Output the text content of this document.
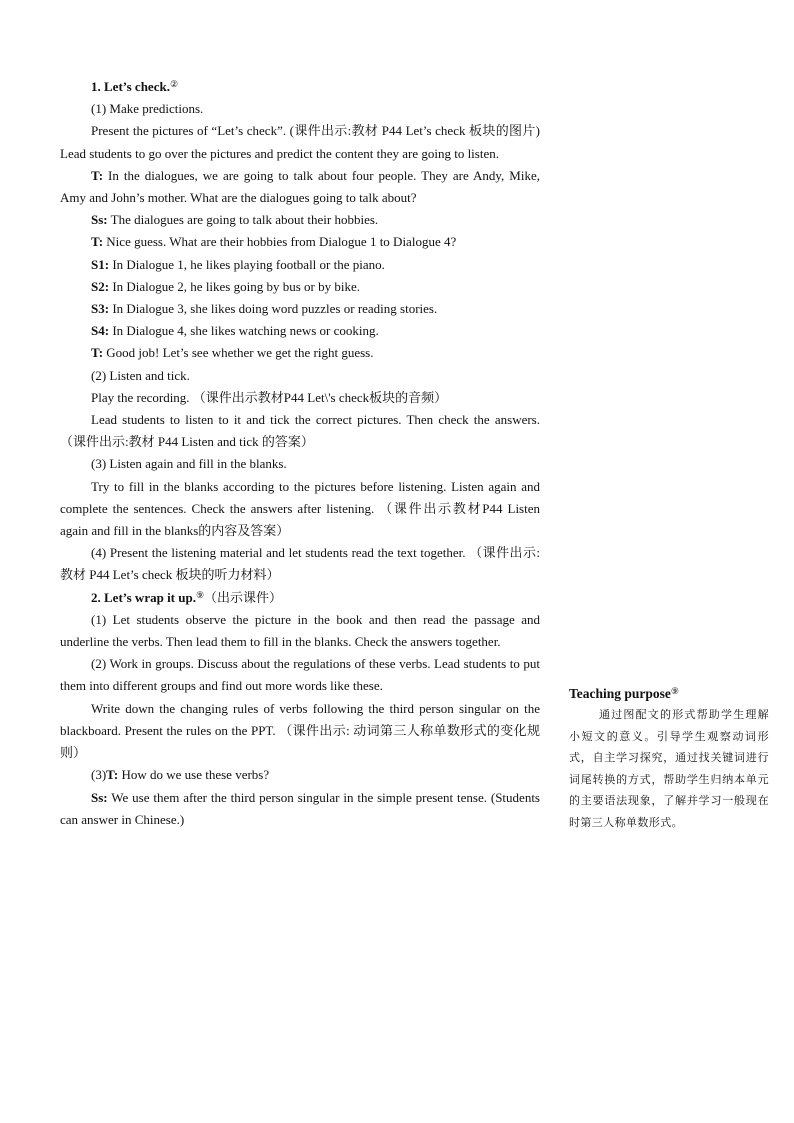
1. Let’s check.②

(1) Make predictions.

Present the pictures of “Let’s check”. (课件出示:教材 P44 Let’s check 板块的图片) Lead students to go over the pictures and predict the content they are going to listen.

T: In the dialogues, we are going to talk about four people. They are Andy, Mike, Amy and John’s mother. What are the dialogues going to talk about?

Ss: The dialogues are going to talk about their hobbies.

T: Nice guess. What are their hobbies from Dialogue 1 to Dialogue 4?

S1: In Dialogue 1, he likes playing football or the piano.

S2: In Dialogue 2, he likes going by bus or by bike.

S3: In Dialogue 3, she likes doing word puzzles or reading stories.

S4: In Dialogue 4, she likes watching news or cooking.

T: Good job! Let’s see whether we get the right guess.

(2) Listen and tick.

Play the recording. （课件出示教材P44 Let\'s check板块的音频）

Lead students to listen to it and tick the correct pictures. Then check the answers. （课件出示:教材 P44 Listen and tick 的答案）

(3) Listen again and fill in the blanks.

Try to fill in the blanks according to the pictures before listening. Listen again and complete the sentences. Check the answers after listening. （课件出示教材P44 Listen again and fill in the blanks的内容及答案）

(4) Present the listening material and let students read the text together. （课件出示:教材 P44 Let’s check 板块的听力材料）

2. Let’s wrap it up.⑨（出示课件）

(1) Let students observe the picture in the book and then read the passage and underline the verbs. Then lead them to fill in the blanks. Check the answers together.

(2) Work in groups. Discuss about the regulations of these verbs. Lead students to put them into different groups and find out more words like these.

Write down the changing rules of verbs following the third person singular on the blackboard. Present the rules on the PPT. （课件出示: 动词第三人称单数形式的变化规则）

(3)T: How do we use these verbs?

Ss: We use them after the third person singular in the simple present tense. (Students can answer in Chinese.)

Teaching purpose⑨

通过图配文的形式帮助学生理解小短文的意义。引导学生观察动词形式，自主学习探究，通过找关键词进行词尾转换的方式，帮助学生归纳本单元的主要语法现象，了解并学习一般现在时第三人称单数形式。
